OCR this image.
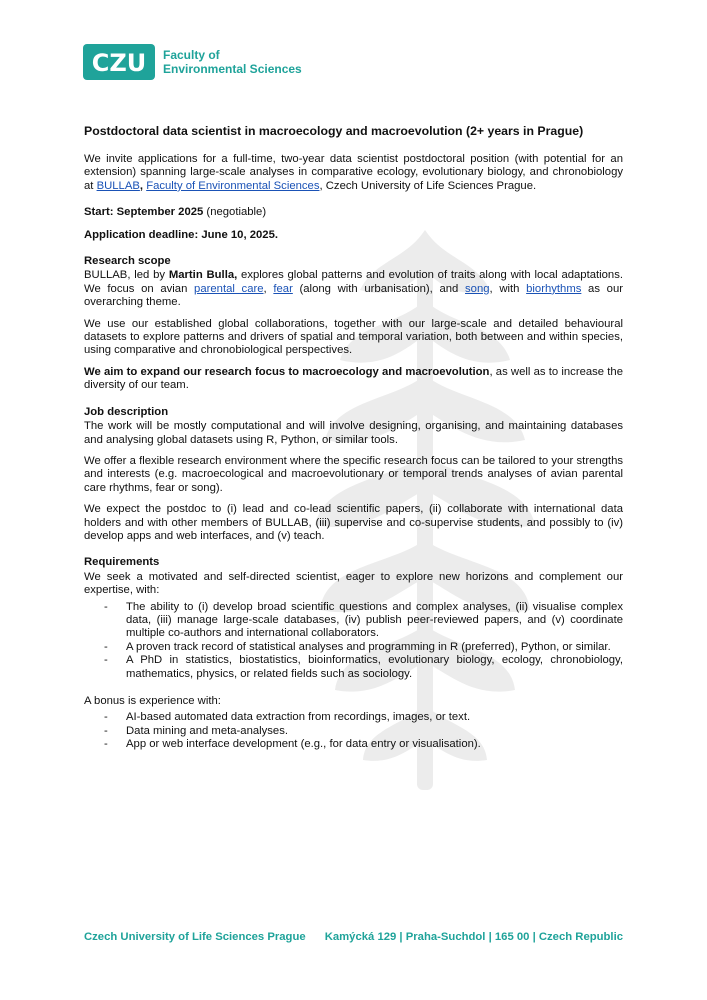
CZU Faculty of
Environmental Sciences
Postdoctoral data scientist in macroecology and macroevolution (2+ years in Prague)

We invite applications for a full-time, two-year data scientist postdoctoral position (with potential for an extension) spanning large-scale analyses in comparative ecology, evolutionary biology, and chronobiology at BULLAB, Faculty of Environmental Sciences, Czech University of Life Sciences Prague.

Start: September 2025 (negotiable)
Application deadline: June 10, 2025.
Research scope

BULLAB, led by Martin Bulla, explores global patterns and evolution of traits along with local adaptations. We focus on avian parental care, fear (along with urbanisation), and song, with biorhythms as our overarching theme.

We use our established global collaborations, together with our large-scale and detailed behavioural datasets to explore patterns and drivers of spatial and temporal variation, both between and within species, using comparative and chronobiological perspectives.

We aim to expand our research focus to macroecology and macroevolution, as well as to increase the diversity of our team.

Job description

The work will be mostly computational and will involve designing, organising, and maintaining databases and analysing global datasets using R, Python, or similar tools.

We offer a flexible research environment where the specific research focus can be tailored to your strengths and interests (e.g. macroecological and macroevolutionary or temporal trends analyses of avian parental care rhythms, fear or song).

We expect the postdoc to (i) lead and co-lead scientific papers, (ii) collaborate with international data holders and with other members of BULLAB, (iii) supervise and co-supervise students, and possibly to (iv) develop apps and web interfaces, and (v) teach.

Requirements

We seek a motivated and self-directed scientist, eager to explore new horizons and complement our expertise, with:

- The ability to (i) develop broad scientific questions and complex analyses, (ii) visualise complex data, (iii) manage large-scale databases, (iv) publish peer-reviewed papers, and (v) coordinate multiple co-authors and international collaborators.
- A proven track record of statistical analyses and programming in R (preferred), Python, or similar.
- A PhD in statistics, biostatistics, bioinformatics, evolutionary biology, ecology, chronobiology, mathematics, physics, or related fields such as sociology.

A bonus is experience with:

- AI-based automated data extraction from recordings, images, or text.
- Data mining and meta-analyses.
- App or web interface development (e.g., for data entry or visualisation).
Czech University of Life Sciences Prague Kamýcká 129 | Praha-Suchdol | 165 00 | Czech Republic
